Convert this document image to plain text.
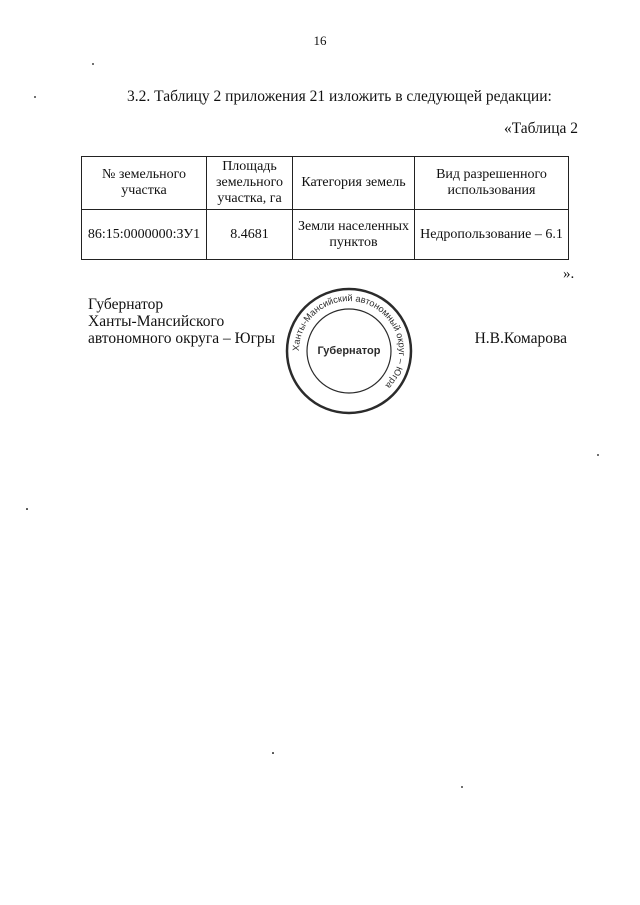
16
3.2. Таблицу 2 приложения 21 изложить в следующей редакции:
«Таблица 2
№ земельного участка	Площадь земельного участка, га	Категория земель	Вид разрешенного использования
86:15:0000000:ЗУ1	8.4681	Земли населенных пунктов	Недропользование – 6.1
».
Губернатор
Ханты-Мансийского
автономного округа – Югры
Ханты-Мансийский автономный округ – Югра
Губернатор
Н.В.Комарова
